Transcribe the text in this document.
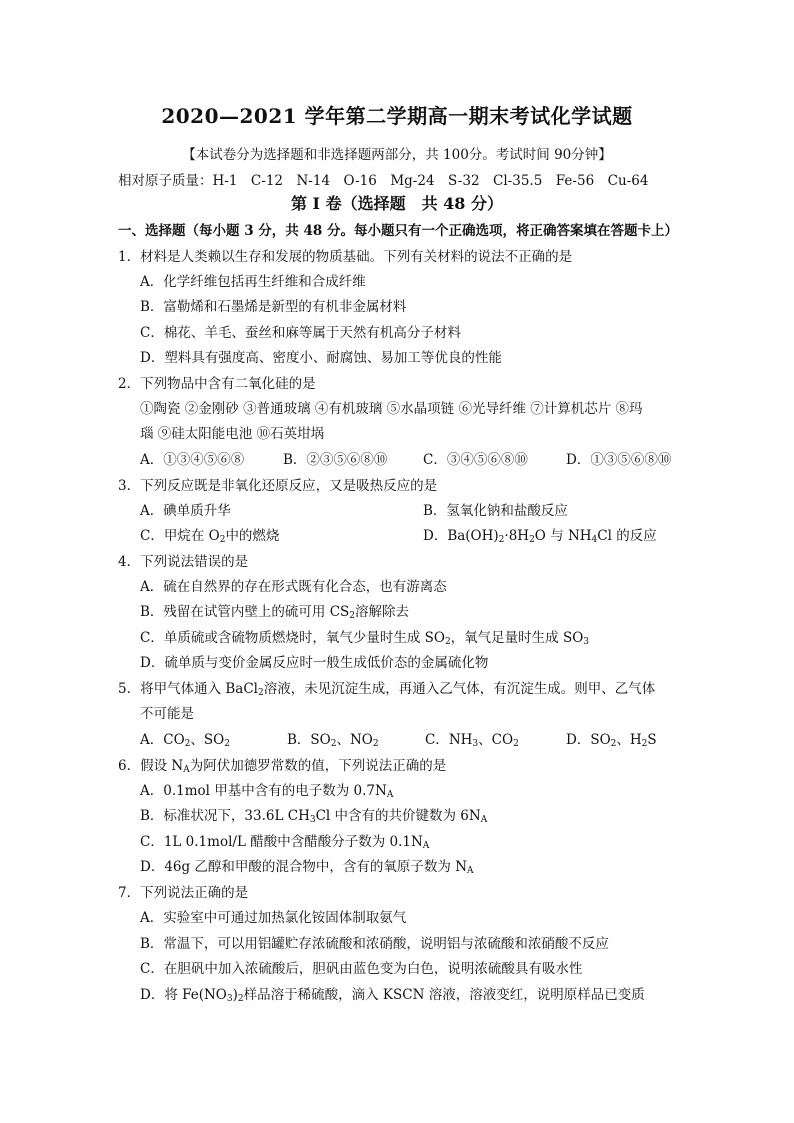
2020—2021 学年第二学期高一期末考试化学试题
【本试卷分为选择题和非选择题两部分，共 100分。考试时间 90分钟】
相对原子质量：H-1　C-12　N-14　O-16　Mg-24　S-32　Cl-35.5　Fe-56　Cu-64
第 I 卷（选择题　共 48 分）
一、选择题（每小题 3 分，共 48 分。每小题只有一个正确选项，将正确答案填在答题卡上）
1．材料是人类赖以生存和发展的物质基础。下列有关材料的说法不正确的是
A．化学纤维包括再生纤维和合成纤维
B．富勒烯和石墨烯是新型的有机非金属材料
C．棉花、羊毛、蚕丝和麻等属于天然有机高分子材料
D．塑料具有强度高、密度小、耐腐蚀、易加工等优良的性能
2．下列物品中含有二氧化硅的是
①陶瓷 ②金刚砂 ③普通玻璃 ④有机玻璃 ⑤水晶项链 ⑥光导纤维 ⑦计算机芯片 ⑧玛
瑙 ⑨硅太阳能电池 ⑩石英坩埚
A．①③④⑤⑥⑧	B．②③⑤⑥⑧⑩	C．③④⑤⑥⑧⑩	D．①③⑤⑥⑧⑩
3．下列反应既是非氧化还原反应，又是吸热反应的是
A．碘单质升华	B．氢氧化钠和盐酸反应
C．甲烷在 $O_2$中的燃烧	D．$Ba(OH)_2\cdot 8H_2O$ 与 $NH_4Cl$ 的反应
4．下列说法错误的是
A．硫在自然界的存在形式既有化合态，也有游离态
B．残留在试管内壁上的硫可用 $CS_2$溶解除去
C．单质硫或含硫物质燃烧时，氧气少量时生成 $SO_2$，氧气足量时生成 $SO_3$
D．硫单质与变价金属反应时一般生成低价态的金属硫化物
5．将甲气体通入 BaCl$_2$溶液，未见沉淀生成，再通入乙气体，有沉淀生成。则甲、乙气体
不可能是
A．$CO_2$、$SO_2$	B．$SO_2$、$NO_2$	C．$NH_3$、$CO_2$	D．$SO_2$、$H_2S$
6．假设 $N_A$为阿伏加德罗常数的值，下列说法正确的是
A．0.1mol 甲基中含有的电子数为 $0.7N_A$
B．标准状况下，33.6L $CH_3Cl$ 中含有的共价键数为 $6N_A$
C．1L 0.1mol/L 醋酸中含醋酸分子数为 $0.1N_A$
D．46g 乙醇和甲酸的混合物中，含有的氧原子数为 $N_A$
7．下列说法正确的是
A．实验室中可通过加热氯化铵固体制取氨气
B．常温下，可以用铝罐贮存浓硫酸和浓硝酸，说明铝与浓硫酸和浓硝酸不反应
C．在胆矾中加入浓硫酸后，胆矾由蓝色变为白色，说明浓硫酸具有吸水性
D．将 $Fe(NO_3)_2$样品溶于稀硫酸，滴入 KSCN 溶液，溶液变红，说明原样品已变质
